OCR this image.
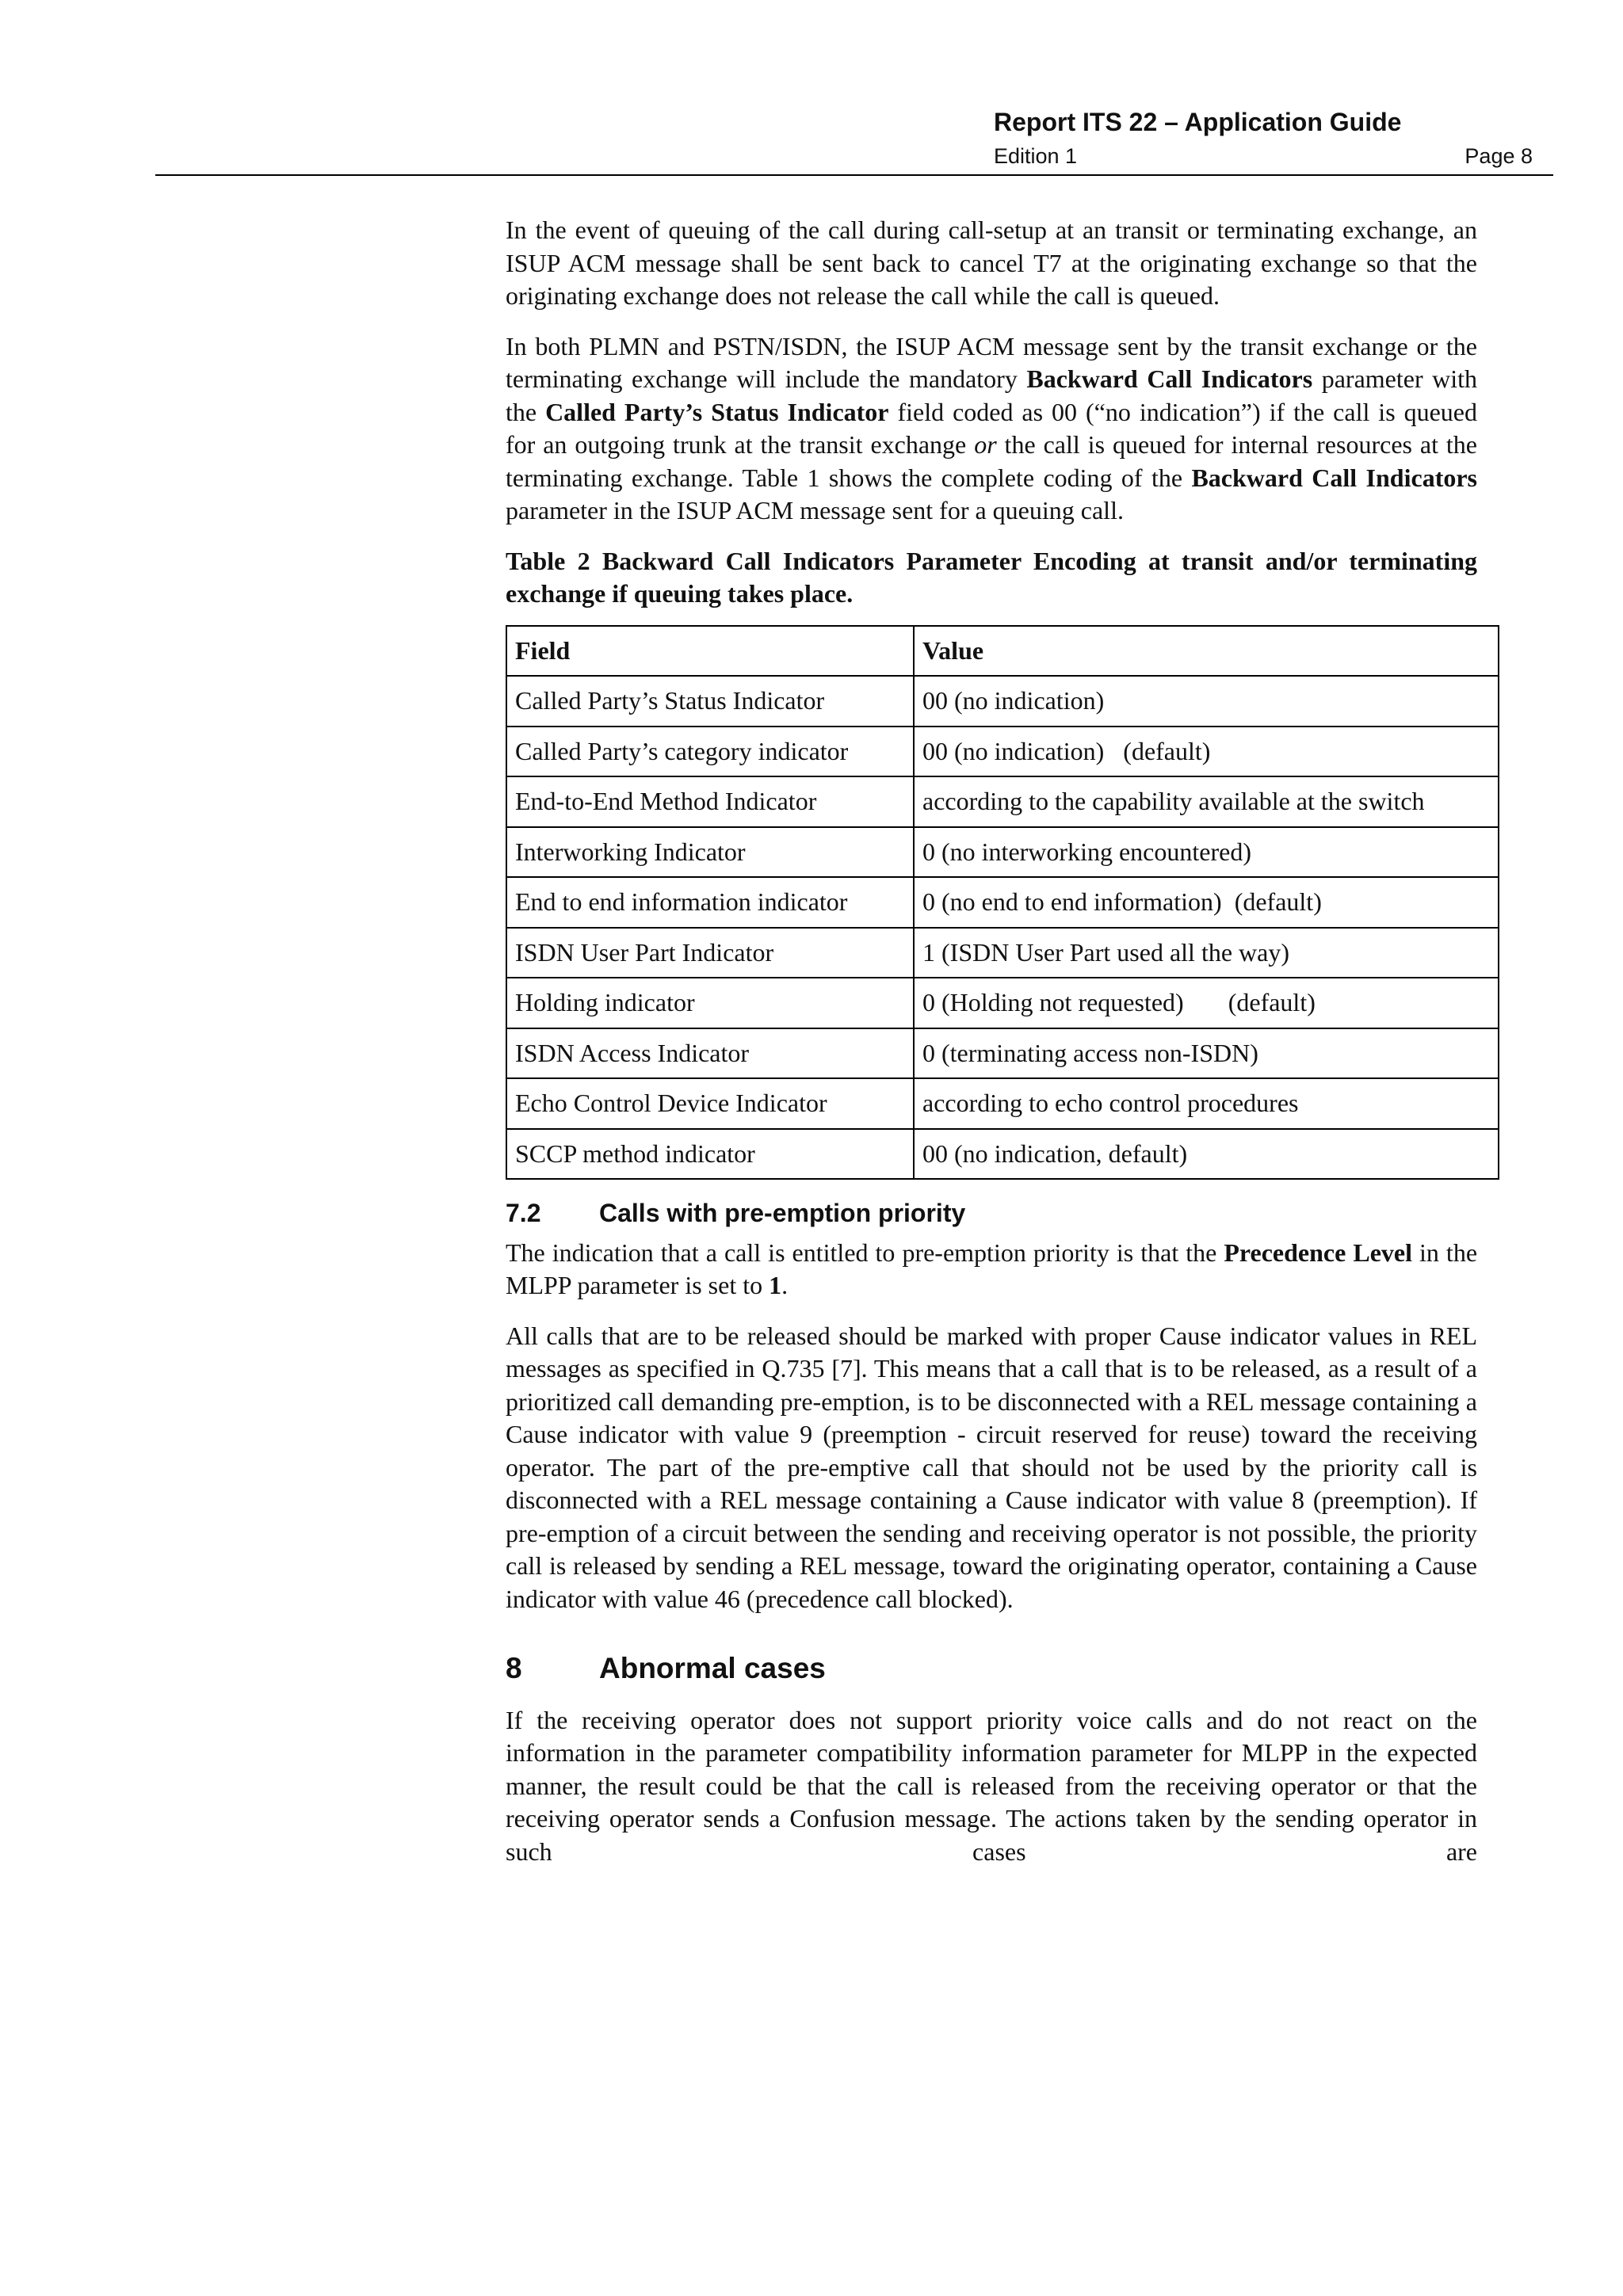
Report ITS 22 – Application Guide
Edition 1	Page 8

In the event of queuing of the call during call-setup at an transit or terminating exchange, an ISUP ACM message shall be sent back to cancel T7 at the originating exchange so that the originating exchange does not release the call while the call is queued.

In both PLMN and PSTN/ISDN, the ISUP ACM message sent by the transit exchange or the terminating exchange will include the mandatory Backward Call Indicators parameter with the Called Party’s Status Indicator field coded as 00 (“no indication”) if the call is queued for an outgoing trunk at the transit exchange or the call is queued for internal resources at the terminating exchange. Table 1 shows the complete coding of the Backward Call Indicators parameter in the ISUP ACM message sent for a queuing call.

Table 2 Backward Call Indicators Parameter Encoding at transit and/or terminating exchange if queuing takes place.

Field	Value
Called Party’s Status Indicator	00 (no indication)
Called Party’s category indicator	00 (no indication)   (default)
End-to-End Method Indicator	according to the capability available at the switch
Interworking Indicator	0 (no interworking encountered)
End to end information indicator	0 (no end to end information)  (default)
ISDN User Part Indicator	1 (ISDN User Part used all the way)
Holding indicator	0 (Holding not requested)       (default)
ISDN Access Indicator	0 (terminating access non-ISDN)
Echo Control Device Indicator	according to echo control procedures
SCCP method indicator	00 (no indication, default)
7.2 Calls with pre-emption priority

The indication that a call is entitled to pre-emption priority is that the Precedence Level in the MLPP parameter is set to 1.

All calls that are to be released should be marked with proper Cause indicator values in REL messages as specified in Q.735 [7]. This means that a call that is to be released, as a result of a prioritized call demanding pre-emption, is to be disconnected with a REL message containing a Cause indicator with value 9 (preemption - circuit reserved for reuse) toward the receiving operator. The part of the pre-emptive call that should not be used by the priority call is disconnected with a REL message containing a Cause indicator with value 8 (preemption). If pre-emption of a circuit between the sending and receiving operator is not possible, the priority call is released by sending a REL message, toward the originating operator, containing a Cause indicator with value 46 (precedence call blocked).

8	Abnormal cases

If the receiving operator does not support priority voice calls and do not react on the information in the parameter compatibility information parameter for MLPP in the expected manner, the result could be that the call is released from the receiving operator or that the receiving operator sends a Confusion message. The actions taken by the sending operator in such cases are
